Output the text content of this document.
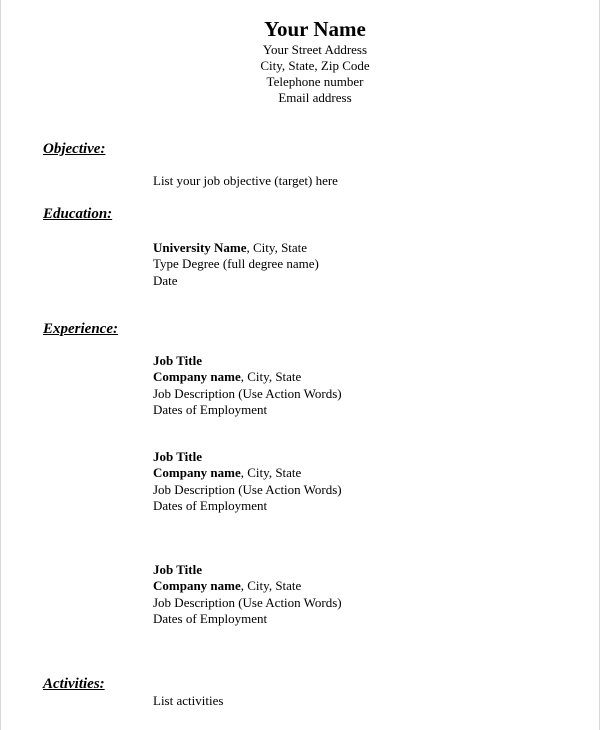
Your Name
Your Street Address
City, State, Zip Code
Telephone number
Email address
Objective:
List your job objective (target) here
Education:
University Name, City, State
Type Degree (full degree name)
Date
Experience:
Job Title
Company name, City, State
Job Description (Use Action Words)
Dates of Employment
Job Title
Company name, City, State
Job Description (Use Action Words)
Dates of Employment
Job Title
Company name, City, State
Job Description (Use Action Words)
Dates of Employment
Activities:
List activities
